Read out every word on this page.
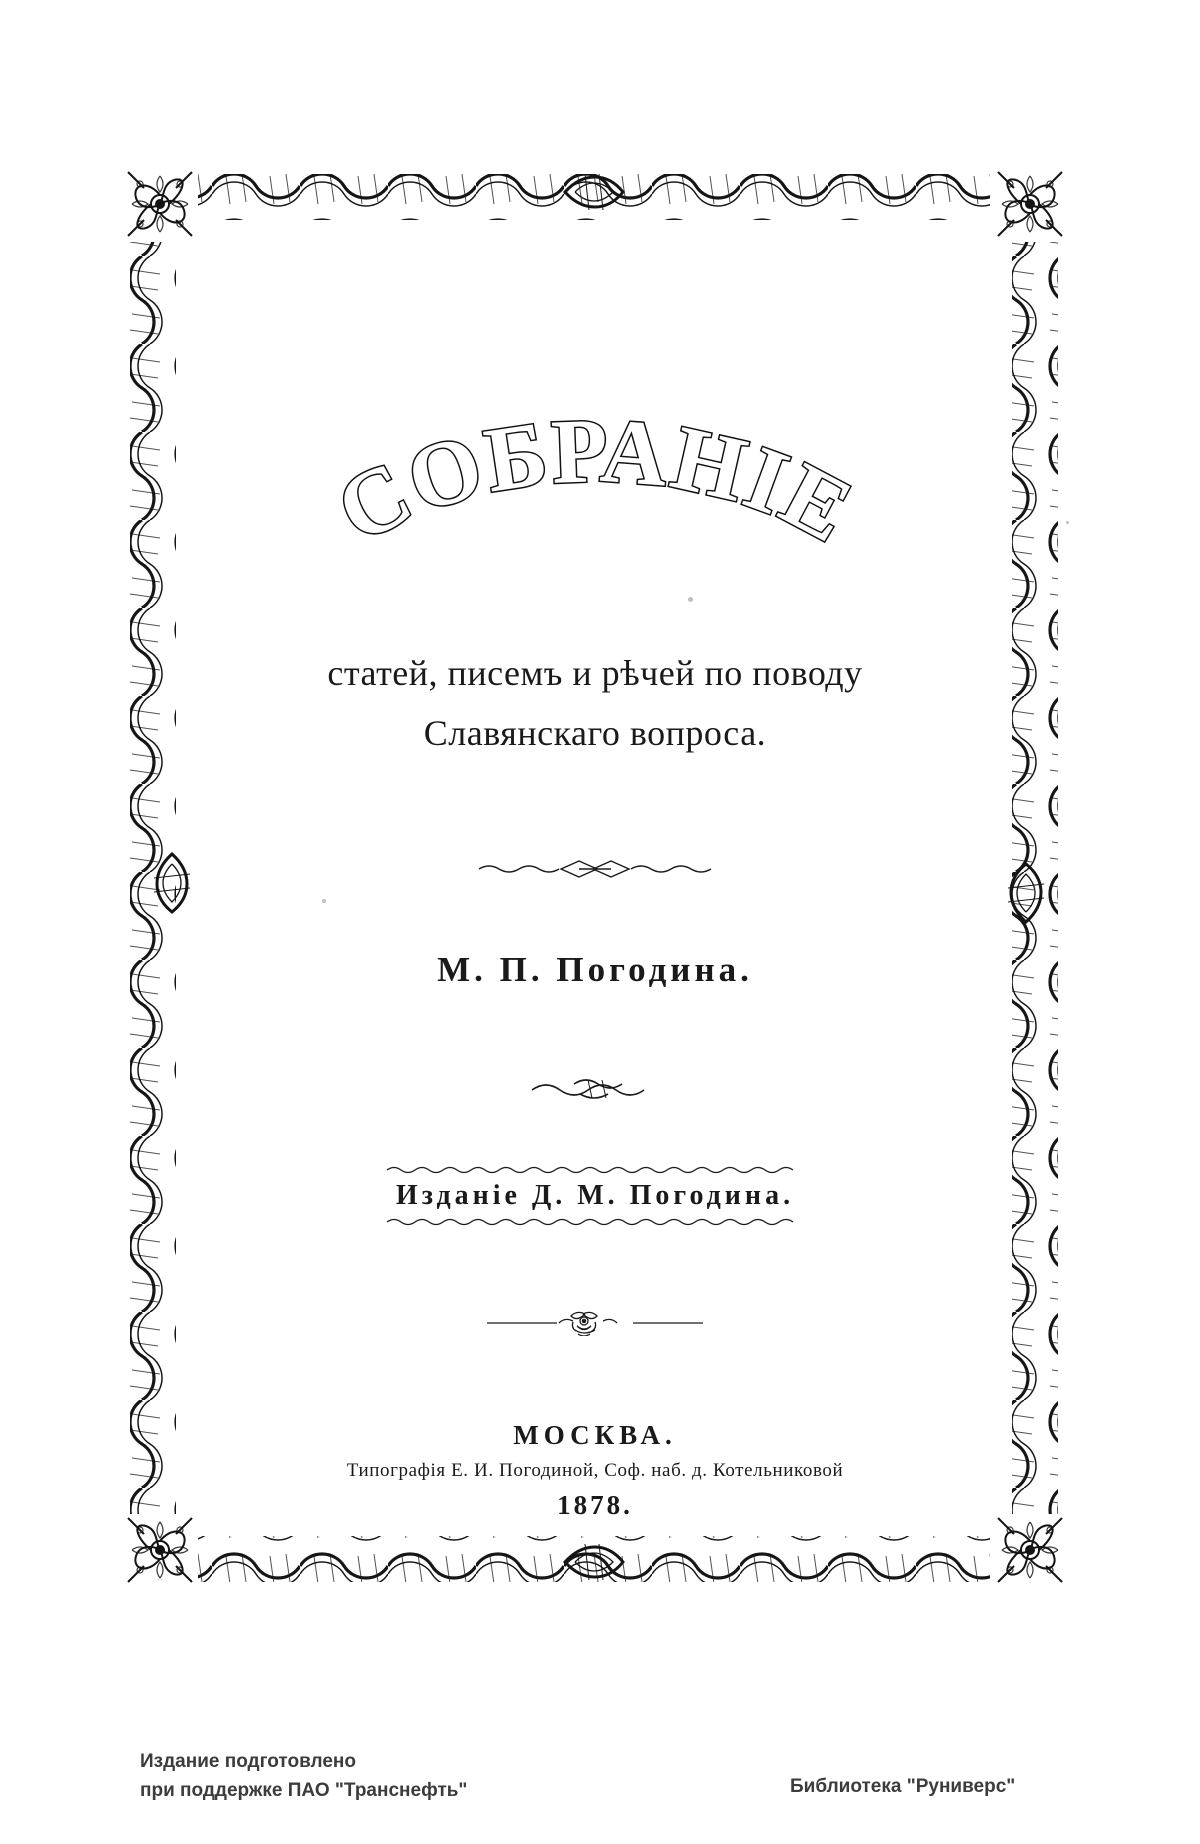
СОБРАНІЕ
статей, писемъ и рѣчей по поводу
Славянскаго вопроса.
М. П. Погодина.
Изданіе Д. М. Погодина.
МОСКВА.
Типографія Е. И. Погодиной, Соф. наб. д. Котельниковой
1878.
Издание подготовлено
при поддержке ПАО "Транснефть"	Библиотека "Руниверс"
